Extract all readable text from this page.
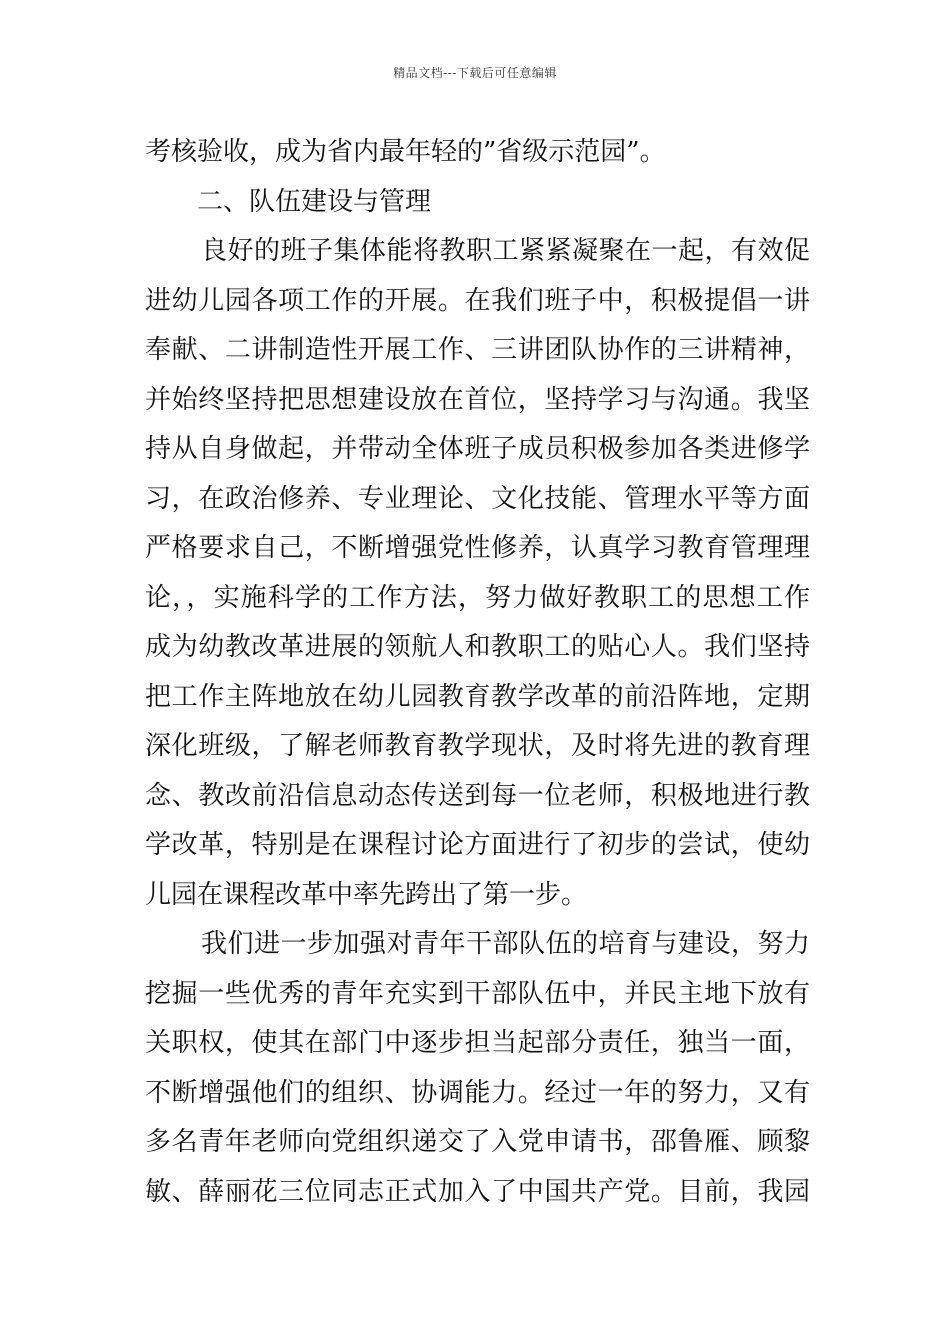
精品文档---下载后可任意编辑
考核验收，成为省内最年轻的”省级示范园”。
二、队伍建设与管理
良好的班子集体能将教职工紧紧凝聚在一起，有效促
进幼儿园各项工作的开展。在我们班子中，积极提倡一讲
奉献、二讲制造性开展工作、三讲团队协作的三讲精神，
并始终坚持把思想建设放在首位，坚持学习与沟通。我坚
持从自身做起，并带动全体班子成员积极参加各类进修学
习，在政治修养、专业理论、文化技能、管理水平等方面
严格要求自己，不断增强党性修养，认真学习教育管理理
论，，实施科学的工作方法，努力做好教职工的思想工作
成为幼教改革进展的领航人和教职工的贴心人。我们坚持
把工作主阵地放在幼儿园教育教学改革的前沿阵地，定期
深化班级，了解老师教育教学现状，及时将先进的教育理
念、教改前沿信息动态传送到每一位老师，积极地进行教
学改革，特别是在课程讨论方面进行了初步的尝试，使幼
儿园在课程改革中率先跨出了第一步。
我们进一步加强对青年干部队伍的培育与建设，努力
挖掘一些优秀的青年充实到干部队伍中，并民主地下放有
关职权，使其在部门中逐步担当起部分责任，独当一面，
不断增强他们的组织、协调能力。经过一年的努力，又有
多名青年老师向党组织递交了入党申请书，邵鲁雁、顾黎
敏、薛丽花三位同志正式加入了中国共产党。目前，我园
